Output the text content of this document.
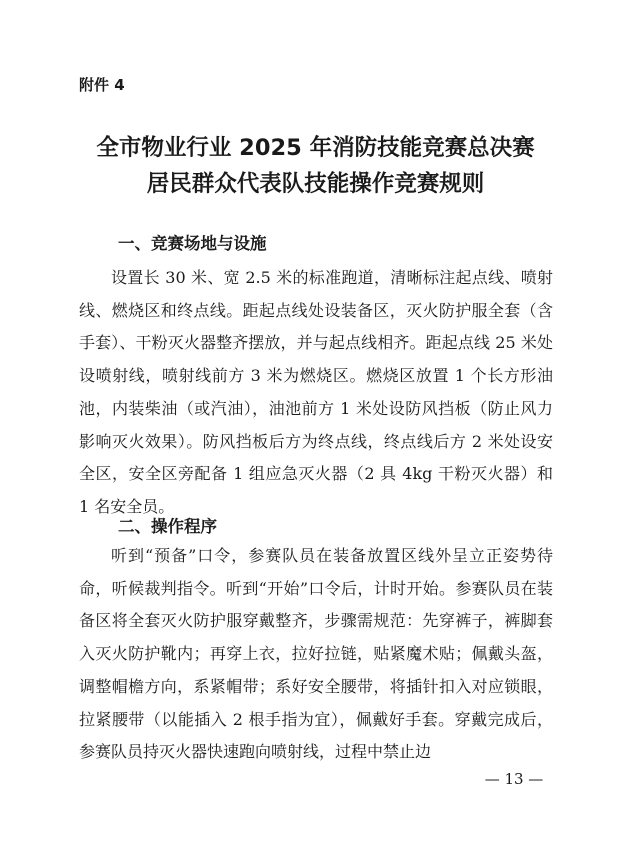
附件 4
全市物业行业 2025 年消防技能竞赛总决赛
居民群众代表队技能操作竞赛规则
一、竞赛场地与设施

设置长 30 米、宽 2.5 米的标准跑道，清晰标注起点线、喷射线、燃烧区和终点线。距起点线处设装备区，灭火防护服全套（含手套）、干粉灭火器整齐摆放，并与起点线相齐。距起点线 25 米处设喷射线，喷射线前方 3 米为燃烧区。燃烧区放置 1 个长方形油池，内装柴油（或汽油），油池前方 1 米处设防风挡板（防止风力影响灭火效果）。防风挡板后方为终点线，终点线后方 2 米处设安全区，安全区旁配备 1 组应急灭火器（2 具 4kg 干粉灭火器）和 1 名安全员。

二、操作程序

听到“预备”口令，参赛队员在装备放置区线外呈立正姿势待命，听候裁判指令。听到“开始”口令后，计时开始。参赛队员在装备区将全套灭火防护服穿戴整齐，步骤需规范：先穿裤子，裤脚套入灭火防护靴内；再穿上衣，拉好拉链，贴紧魔术贴；佩戴头盔，调整帽檐方向，系紧帽带；系好安全腰带，将插针扣入对应锁眼，拉紧腰带（以能插入 2 根手指为宜），佩戴好手套。穿戴完成后，参赛队员持灭火器快速跑向喷射线，过程中禁止边

— 13 —
